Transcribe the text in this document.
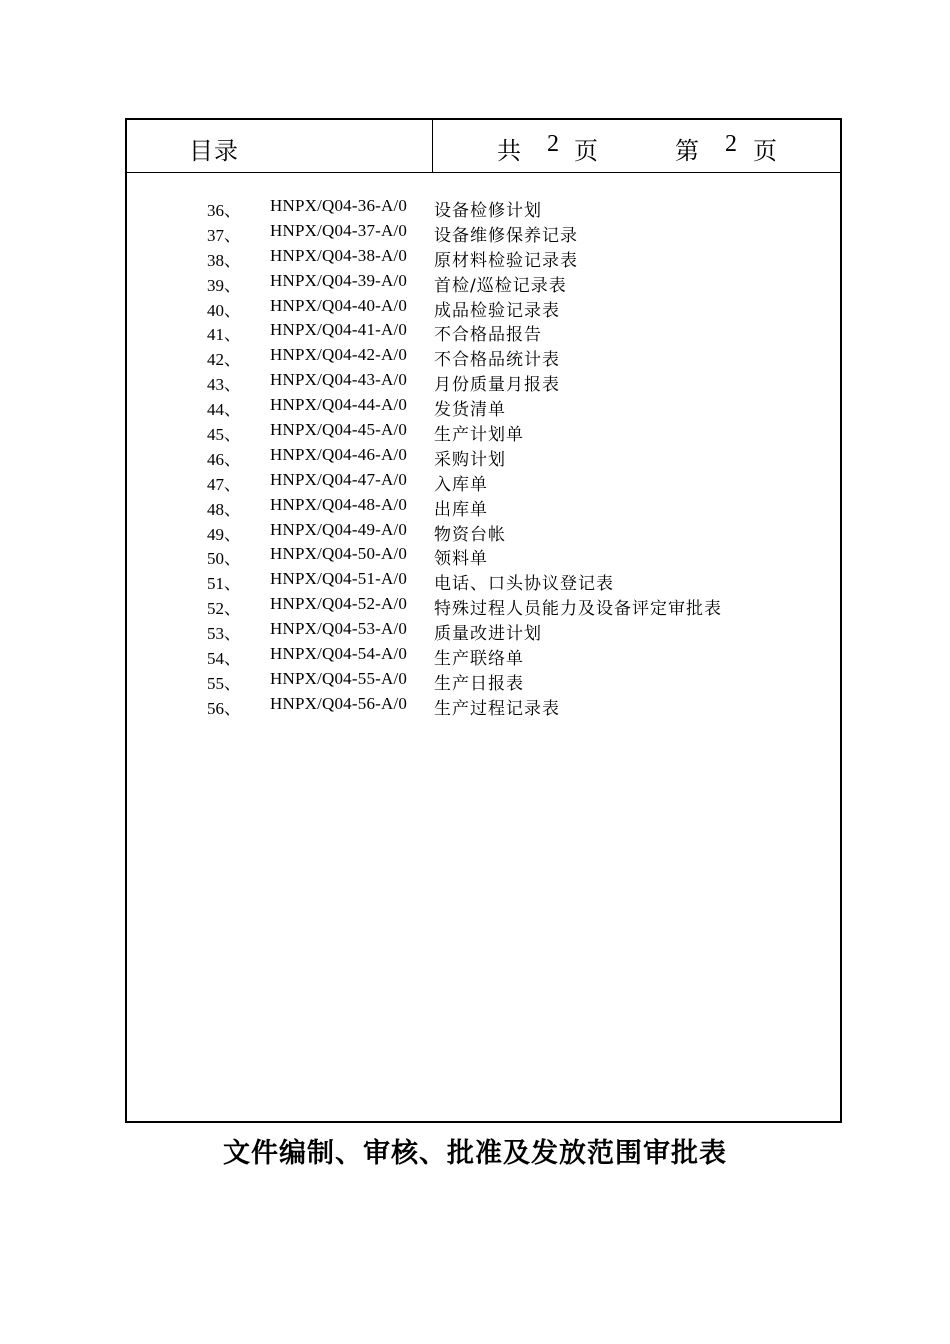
目录	共 2 页	第 2 页
36、 HNPX/Q04-36-A/0 设备检修计划
37、 HNPX/Q04-37-A/0 设备维修保养记录
38、 HNPX/Q04-38-A/0 原材料检验记录表
39、 HNPX/Q04-39-A/0 首检/巡检记录表
40、 HNPX/Q04-40-A/0 成品检验记录表
41、 HNPX/Q04-41-A/0 不合格品报告
42、 HNPX/Q04-42-A/0 不合格品统计表
43、 HNPX/Q04-43-A/0 月份质量月报表
44、 HNPX/Q04-44-A/0 发货清单
45、 HNPX/Q04-45-A/0 生产计划单
46、 HNPX/Q04-46-A/0 采购计划
47、 HNPX/Q04-47-A/0 入库单
48、 HNPX/Q04-48-A/0 出库单
49、 HNPX/Q04-49-A/0 物资台帐
50、 HNPX/Q04-50-A/0 领料单
51、 HNPX/Q04-51-A/0 电话、口头协议登记表
52、 HNPX/Q04-52-A/0 特殊过程人员能力及设备评定审批表
53、 HNPX/Q04-53-A/0 质量改进计划
54、 HNPX/Q04-54-A/0 生产联络单
55、 HNPX/Q04-55-A/0 生产日报表
56、 HNPX/Q04-56-A/0 生产过程记录表
文件编制、审核、批准及发放范围审批表
